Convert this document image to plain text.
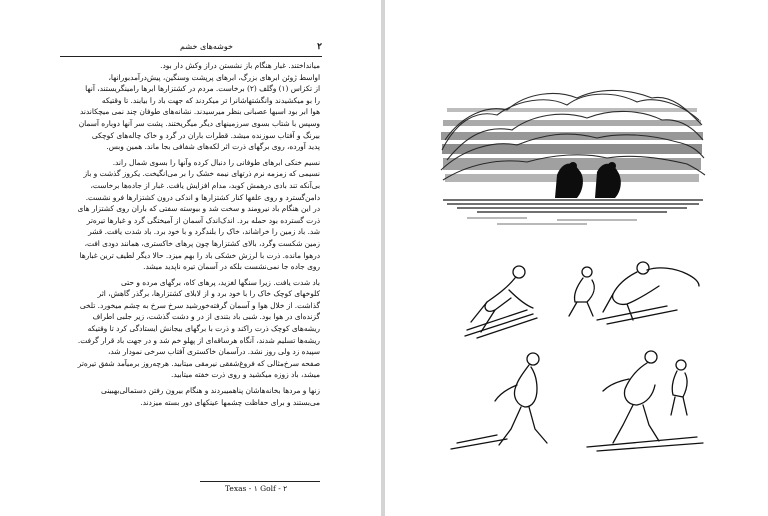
خوشه‌های خشم	۲
میانداختند. غبار هنگام باز نشستن دراز وکش دار بود.
اواسط ژوئن ابرهای بزرگ، ابرهای پرپشت وسنگین، پیش‌در‌آمدبورانها،
از تکزاس (۱) وگلف (۲) برخاست. مردم در کشتزارها ابرها رامینگریستند، آنها
را بو میکشیدند وانگشتهاشانرا تر میکردند که جهت باد را بیابند. تا وقتیکه
هوا ابر بود اسبها عصبانی بنظر میرسیدند. نشانه‌های طوفان چند نمی میچکاندند
وسپس با شتاب بسوی سرزمینهای دیگر میگریختند. پشت سر آنها دوباره آسمان
بیرنگ و آفتاب سوزنده میشد. قطرات باران در گرد و خاک چاله‌های کوچکی
پدید آورده، روی برگهای ذرت اثر لکه‌های شفافی بجا ماند. همین وبس.
نسیم خنکی ابرهای طوفانی را دنبال کرده وآنها را بسوی شمال راند.
نسیمی که زمزمه نرم ذرتهای نیمه خشک را بر می‌انگیخت. یکروز گذشت و باز
بی‌آنکه تند بادی درهمش کوبد، مدام افزایش یافت. غبار از جاده‌ها برخاست،
دامن‌گسترد و روی علفها کنار کشتزارها و اندکی درون کشتزارها فرو نشست.
در این هنگام باد نیرومند و سخت شد و بیوسته سفتی که باران روی کشتزار های
ذرت گسترده بود حمله برد. اندک‌اندک آسمان از آمیختگی گرد و غبارها تیره‌تر
شد. باد زمین را خراشاند، خاک را بلندگرد و با خود برد. باد شدت یافت. قشر
زمین شکست وگرد، بالای کشتزارها چون پرهای خاکستری، همانند دودی افت،
درهوا مانده. ذرت با لرزش خشکی باد را بهم میزد. حالا دیگر لطیف ترین غبارها
روی جاده جا نمی‌نشست بلکه در آسمان تیره ناپدید میشد.
باد شدت یافت. زیرا سنگها لغزید، پرهای کاه، برگهای مرده و حتی
کلوخهای کوچک خاک را با خود برد و از لابلای کشتزارها، برگذر گاهش، اثر
گذاشت. از خلال هوا و آسمان گرفته‌خورشید سرخ سرخ به چشم میخورد. تلخی
گزنده‌ای در هوا بود. شبی باد بتندی از در و دشت گذشت، زیر جلبی اطراف
ریشه‌های کوچک ذرت راکند و ذرت با برگهای بیجانش ایستادگی کرد تا وقتیکه
ریشه‌ها تسلیم شدند، آنگاه هرساقه‌ای از پهلو خم شد و در جهت باد قرار گرفت.
سپیده زد ولی روز نشد. درآسمان خاکستری آفتاب سرخی نمودار شد،
صفحه سرخ‌مثالی که فروغ‌شفقی نیرمقی میتابید. هرچه‌روز برمیآمد شفق تیره‌تر
میشد، باد زوزه میکشید و روی ذرت خفته میتابید.
زنها و مردها بخانه‌هاشان پناهمیبردند و هنگام بیرون رفتن دستمالی‌بهبینی
می‌بستند و برای حفاظت چشمها عینکهای دور بسته میزدند.
Texas - ۱ Golf - ۲
